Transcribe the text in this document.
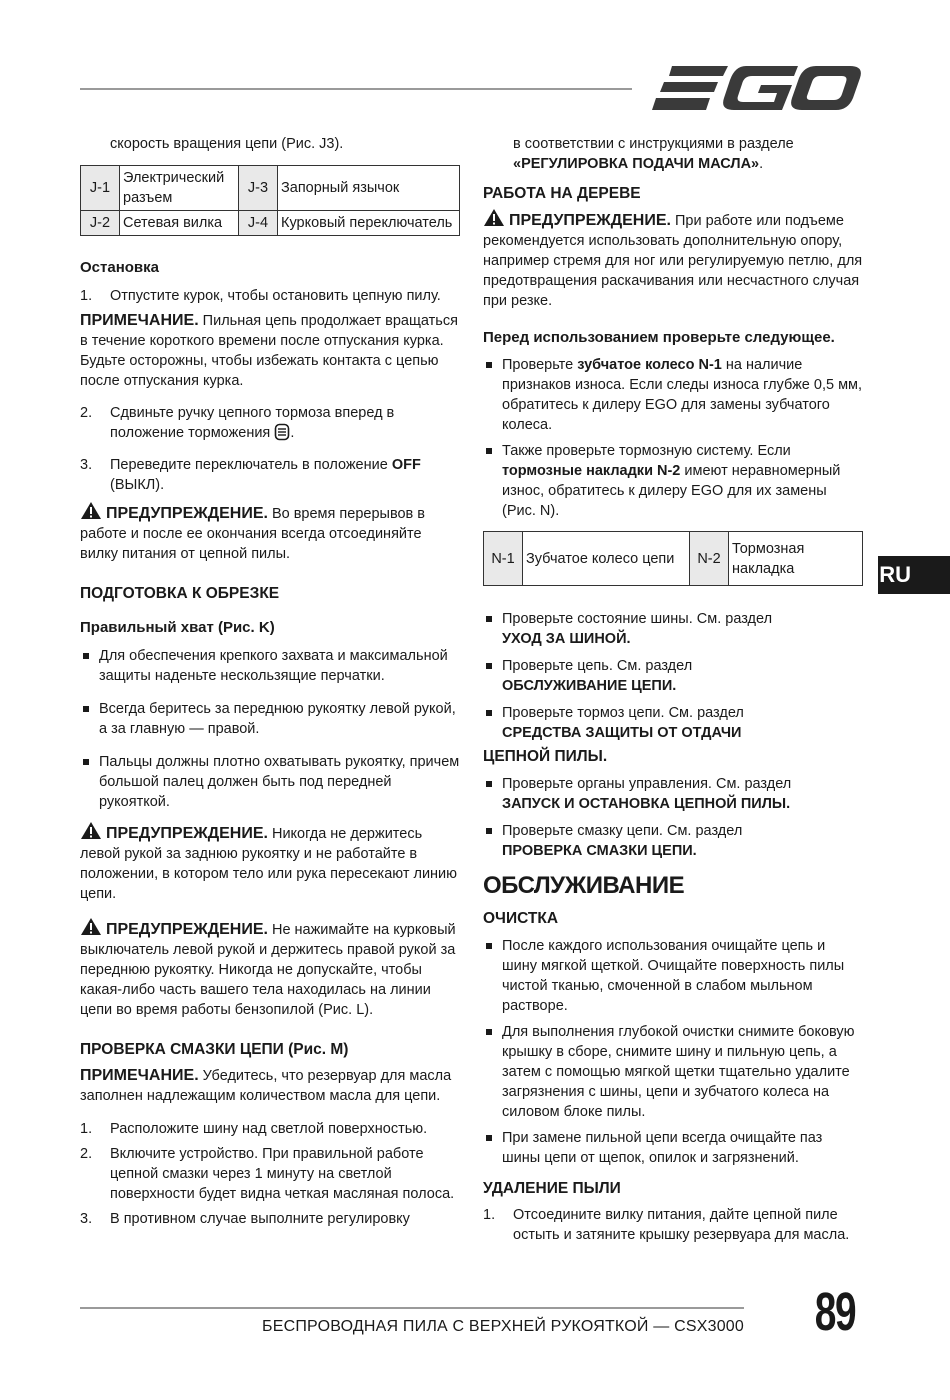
EGO
RU

скорость вращения цепи (Рис. J3).

J-1	Электрический разъем	J-3	Запорный язычок
J-2	Сетевая вилка	J-4	Курковый переключатель

Остановка

1.	Отпустите курок, чтобы остановить цепную пилу.

ПРИМЕЧАНИЕ. Пильная цепь продолжает вращаться в течение короткого времени после отпускания курка. Будьте осторожны, чтобы избежать контакта с цепью после отпускания курка.

2.	Сдвиньте ручку цепного тормоза вперед в положение торможения .
3.	Переведите переключатель в положение OFF (ВЫКЛ).

ПРЕДУПРЕЖДЕНИЕ. Во время перерывов в работе и после ее окончания всегда отсоединяйте вилку питания от цепной пилы.

ПОДГОТОВКА К ОБРЕЗКЕ

Правильный хват (Рис. K)

Для обеспечения крепкого захвата и максимальной защиты наденьте нескользящие перчатки.
Всегда беритесь за переднюю рукоятку левой рукой, а за главную — правой.
Пальцы должны плотно охватывать рукоятку, причем большой палец должен быть под передней рукояткой.

ПРЕДУПРЕЖДЕНИЕ. Никогда не держитесь левой рукой за заднюю рукоятку и не работайте в положении, в котором тело или рука пересекают линию цепи.

ПРЕДУПРЕЖДЕНИЕ. Не нажимайте на курковый выключатель левой рукой и держитесь правой рукой за переднюю рукоятку. Никогда не допускайте, чтобы какая-либо часть вашего тела находилась на линии цепи во время работы бензопилой (Рис. L).

ПРОВЕРКА СМАЗКИ ЦЕПИ (Рис. M)

ПРИМЕЧАНИЕ. Убедитесь, что резервуар для масла заполнен надлежащим количеством масла для цепи.

1.	Расположите шину над светлой поверхностью.
2.	Включите устройство. При правильной работе цепной смазки через 1 минуту на светлой поверхности будет видна четкая масляная полоса.
3.	В противном случае выполните регулировку

в соответствии с инструкциями в разделе
«РЕГУЛИРОВКА ПОДАЧИ МАСЛА».

РАБОТА НА ДЕРЕВЕ

ПРЕДУПРЕЖДЕНИЕ. При работе или подъеме рекомендуется использовать дополнительную опору, например стремя для ног или регулируемую петлю, для предотвращения раскачивания или несчастного случая при резке.

Перед использованием проверьте следующее.

Проверьте зубчатое колесо N-1 на наличие признаков износа. Если следы износа глубже 0,5 мм, обратитесь к дилеру EGO для замены зубчатого колеса.
Также проверьте тормозную систему. Если тормозные накладки N-2 имеют неравномерный износ, обратитесь к дилеру EGO для их замены (Рис. N).
N-1	Зубчатое колесо цепи	N-2	Тормозная накладка
Проверьте состояние шины. См. раздел
УХОД ЗА ШИНОЙ.
Проверьте цепь. См. раздел
ОБСЛУЖИВАНИЕ ЦЕПИ.
Проверьте тормоз цепи. См. раздел
СРЕДСТВА ЗАЩИТЫ ОТ ОТДАЧИ

ЦЕПНОЙ ПИЛЫ.

Проверьте органы управления. См. раздел
ЗАПУСК И ОСТАНОВКА ЦЕПНОЙ ПИЛЫ.
Проверьте смазку цепи. См. раздел
ПРОВЕРКА СМАЗКИ ЦЕПИ.

ОБСЛУЖИВАНИЕ

ОЧИСТКА

После каждого использования очищайте цепь и шину мягкой щеткой. Очищайте поверхность пилы чистой тканью, смоченной в слабом мыльном растворе.
Для выполнения глубокой очистки снимите боковую крышку в сборе, снимите шину и пильную цепь, а затем с помощью мягкой щетки тщательно удалите загрязнения с шины, цепи и зубчатого колеса на силовом блоке пилы.
При замене пильной цепи всегда очищайте паз шины цепи от щепок, опилок и загрязнений.

УДАЛЕНИЕ ПЫЛИ

1.	Отсоедините вилку питания, дайте цепной пиле остыть и затяните крышку резервуара для масла.
БЕСПРОВОДНАЯ ПИЛА С ВЕРХНЕЙ РУКОЯТКОЙ — CSX3000 89
